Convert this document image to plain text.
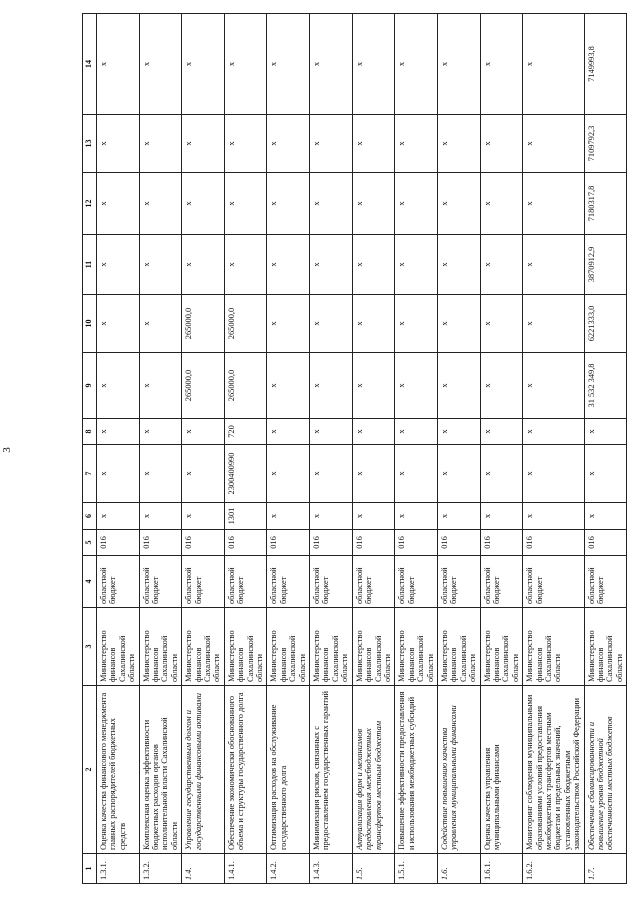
3
1	2	3	4	5	6	7	8	9	10	11	12	13	14
1.3.1.	Оценка качества финансового менеджмента главных распорядителей бюджетных средств	Министерство финансов Сахалинской области	областной бюджет	016	x	x	x	x	x	x	x	x	x
1.3.2.	Комплексная оценка эффективности бюджетных расходов органов исполнительной власти Сахалинской области	Министерство финансов Сахалинской области	областной бюджет	016	x	x	x	x	x	x	x	x	x
1.4.	Управление государственным долгом и государственными финансовыми активами	Министерство финансов Сахалинской области	областной бюджет	016	x	x	x	265000,0	265000,0	x	x	x	x
1.4.1.	Обеспечение экономически обоснованного объема и структуры государственного долга	Министерство финансов Сахалинской области	областной бюджет	016	1301	2300400990	720	265000,0	265000,0	x	x	x	x
1.4.2.	Оптимизация расходов на обслуживание государственного долга	Министерство финансов Сахалинской области	областной бюджет	016	x	x	x	x	x	x	x	x	x
1.4.3.	Минимизация рисков, связанных с предоставлением государственных гарантий	Министерство финансов Сахалинской области	областной бюджет	016	x	x	x	x	x	x	x	x	x
1.5.	Актуализация форм и механизмов предоставления межбюджетных трансфертов местным бюджетам	Министерство финансов Сахалинской области	областной бюджет	016	x	x	x	x	x	x	x	x	x
1.5.1.	Повышение эффективности предоставления и использования межбюджетных субсидий	Министерство финансов Сахалинской области	областной бюджет	016	x	x	x	x	x	x	x	x	x
1.6.	Содействие повышению качества управления муниципальными финансами	Министерство финансов Сахалинской области	областной бюджет	016	x	x	x	x	x	x	x	x	x
1.6.1.	Оценка качества управления муниципальными финансами	Министерство финансов Сахалинской области	областной бюджет	016	x	x	x	x	x	x	x	x	x
1.6.2.	Мониторинг соблюдения муниципальными образованиями условий предоставления межбюджетных трансфертов местным бюджетам и предельных значений, установленных бюджетным законодательством Российской Федерации	Министерство финансов Сахалинской области	областной бюджет	016	x	x	x	x	x	x	x	x	x
1.7.	Обеспечение сбалансированности и повышение уровня бюджетной обеспеченности местных бюджетов	Министерство финансов Сахалинской области	областной бюджет	016	x	x	x	31 532 349,8	6221333,0	3870912,9	7180317,8	7109792,3	7149993,8
